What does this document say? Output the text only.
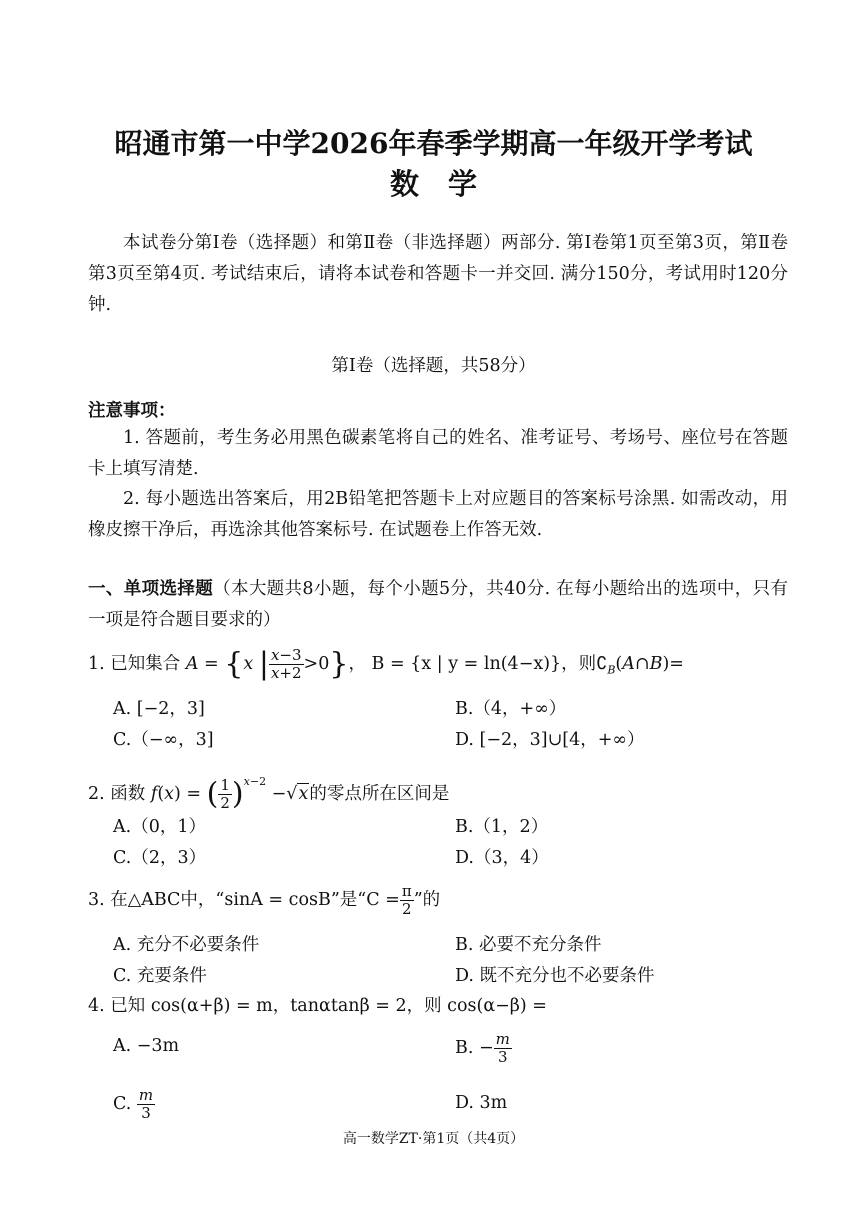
昭通市第一中学2026年春季学期高一年级开学考试
数　学
本试卷分第Ⅰ卷（选择题）和第Ⅱ卷（非选择题）两部分. 第Ⅰ卷第1页至第3页，第Ⅱ卷第3页至第4页. 考试结束后，请将本试卷和答题卡一并交回. 满分150分，考试用时120分钟.
第Ⅰ卷（选择题，共58分）
注意事项：
1. 答题前，考生务必用黑色碳素笔将自己的姓名、准考证号、考场号、座位号在答题卡上填写清楚.
2. 每小题选出答案后，用2B铅笔把答题卡上对应题目的答案标号涂黑. 如需改动，用橡皮擦干净后，再选涂其他答案标号. 在试题卷上作答无效.
一、单项选择题（本大题共8小题，每个小题5分，共40分. 在每小题给出的选项中，只有一项是符合题目要求的）
1. 已知集合 A = {x | $\frac{x-3}{x+2} >0$}， B = {x | y = ln(4−x)}，则$∁_B(A\cap B)=$
A. [−2，3]	B.（4，+∞）
C.（−∞，3]	D. [−2，3]∪[4，+∞）
2. 函数 f(x) = ( $\frac{1}{2} )^{x-2} -√x$的零点所在区间是
A.（0，1）	B.（1，2）
C.（2，3）	D.（3，4）
3. 在△ABC中，“sinA = cosB”是“$C = \frac{\pi}{2}$ ”的
A. 充分不必要条件	B. 必要不充分条件
C. 充要条件	D. 既不充分也不必要条件
4. 已知 cos(α+β) = m，tanαtanβ = 2，则 cos(α−β) =
A. −3m	B. − $\frac{m}{3}$
C. $\frac{m}{3}$	D. 3m
高一数学ZT·第1页（共4页）
